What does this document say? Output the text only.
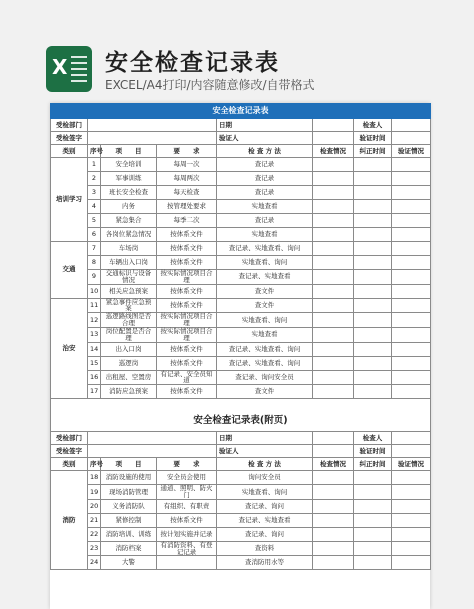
X 安全检查记录表
EXCEL/A4打印/内容随意修改/自带格式
安全检查记录表							
受检部门				日期		检查人	
受检签字				验证人		验证时间	
类别	序号	项　　目	要　　求	检 查 方 法	检查情况	纠正时间	验证情况
培训学习	1	安全培训	每周一次	查记录			
	2	军事训练	每周两次	查记录			
	3	班长安全检查	每天检查	查记录			
	4	内务	按管理处要求	实地查看			
	5	紧急集合	每季二次	查记录			
	6	各岗位紧急情况	按体系文件	实地查看			
交通	7	车场岗	按体系文件	查记录、实地查看、询问			
	8	车辆出入口岗	按体系文件	实地查看、询问			
	9	交通标识与设备情况	按实际情况项目合理	查记录、实地查看			
	10	相关应急预案	按体系文件	查文件			
治安	11	紧急事件应急预案	按体系文件	查文件			
	12	巡逻路线图是否合理	按实际情况项目合理	实地查看、询问			
	13	岗位配置是否合理	按实际情况项目合理	实地查看			
	14	出入口岗	按体系文件	查记录、实地查看、询问			
	15	巡逻岗	按体系文件	查记录、实地查看、询问			
	16	出租屋、空置房	有记录、安全员知道	查记录、询问安全员			
	17	消防应急预案	按体系文件	查文件			

安全检查记录表(附页)							
受检部门				日期		检查人	
受检签字				验证人		验证时间	
类别	序号	项　　目	要　　求	检 查 方 法	检查情况	纠正时间	验证情况
消防	18	消防设施的使用	安全员会使用	询问安全员			
	19	现场消防管理	通道、照明、防火门	实地查看、询问			
	20	义务消防队	有组织、有职责	查记录、询问			
	21	紧修控制	按体系文件	查记录、实地查看			
	22	消防培训、训练	按计划实施并记录	查记录、询问			
	23	消防档案	有消防资料、有登记记录	查资料			
	24	大警		查消防用水等			
